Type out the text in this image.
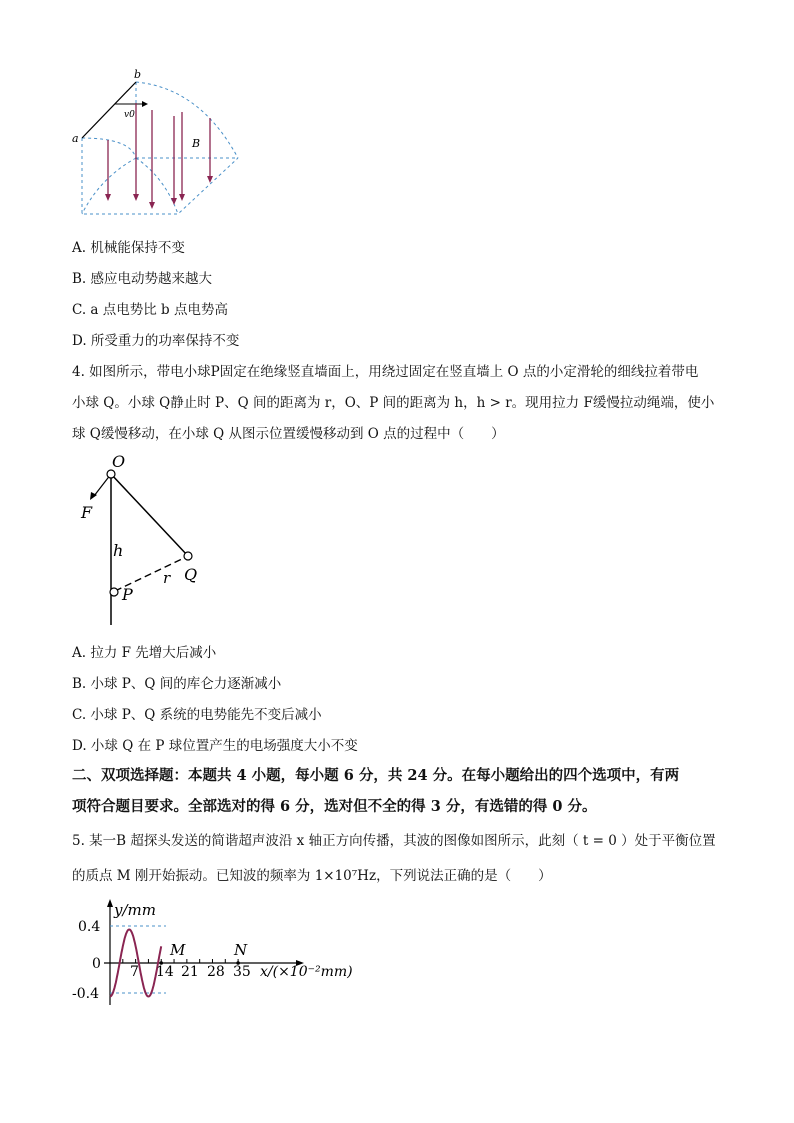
b
a
v0
B
A. 机械能保持不变
B. 感应电动势越来越大
C. a 点电势比 b 点电势高
D. 所受重力的功率保持不变
4. 如图所示，带电小球P固定在绝缘竖直墙面上，用绕过固定在竖直墙上 O 点的小定滑轮的细线拉着带电
小球 Q。小球 Q静止时 P、Q 间的距离为 r，O、P 间的距离为 h，h > r。现用拉力 F缓慢拉动绳端，使小
球 Q缓慢移动，在小球 Q 从图示位置缓慢移动到 O 点的过程中（　　）
O
F
h
Q
r
P
A. 拉力 F 先增大后减小
B. 小球 P、Q 间的库仑力逐渐减小
C. 小球 P、Q 系统的电势能先不变后减小
D. 小球 Q 在 P 球位置产生的电场强度大小不变
二、双项选择题：本题共 4 小题，每小题 6 分，共 24 分。在每小题给出的四个选项中，有两
项符合题目要求。全部选对的得 6 分，选对但不全的得 3 分，有选错的得 0 分。
5. 某一B 超探头发送的简谐超声波沿 x 轴正方向传播，其波的图像如图所示，此刻（ t = 0 ）处于平衡位置
的质点 M 刚开始振动。已知波的频率为 1×10⁷Hz，下列说法正确的是（　　）
y/mm
0.4
0
-0.4
7 14 21 28 35
M	N
x/(×10⁻²mm)
